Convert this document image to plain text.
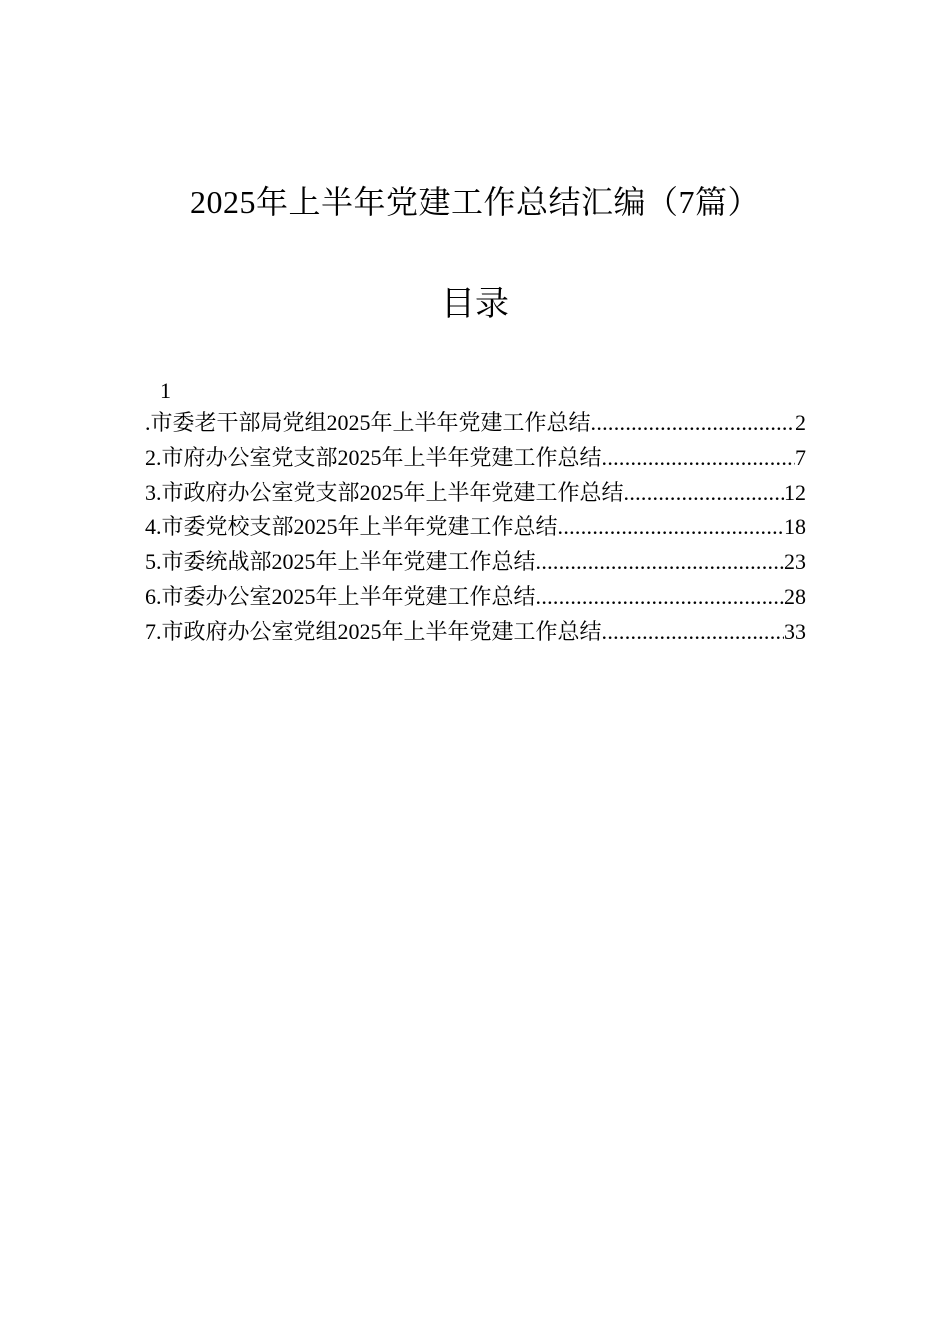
2025年上半年党建工作总结汇编（7篇）
目录
1
.市委老干部局党组2025年上半年党建工作总结 .....	2
2.市府办公室党支部2025年上半年党建工作总结 .....	7
3.市政府办公室党支部2025年上半年党建工作总结 .....	12
4.市委党校支部2025年上半年党建工作总结 .....	18
5.市委统战部2025年上半年党建工作总结 .....	23
6.市委办公室2025年上半年党建工作总结 .....	28
7.市政府办公室党组2025年上半年党建工作总结 .....	33
